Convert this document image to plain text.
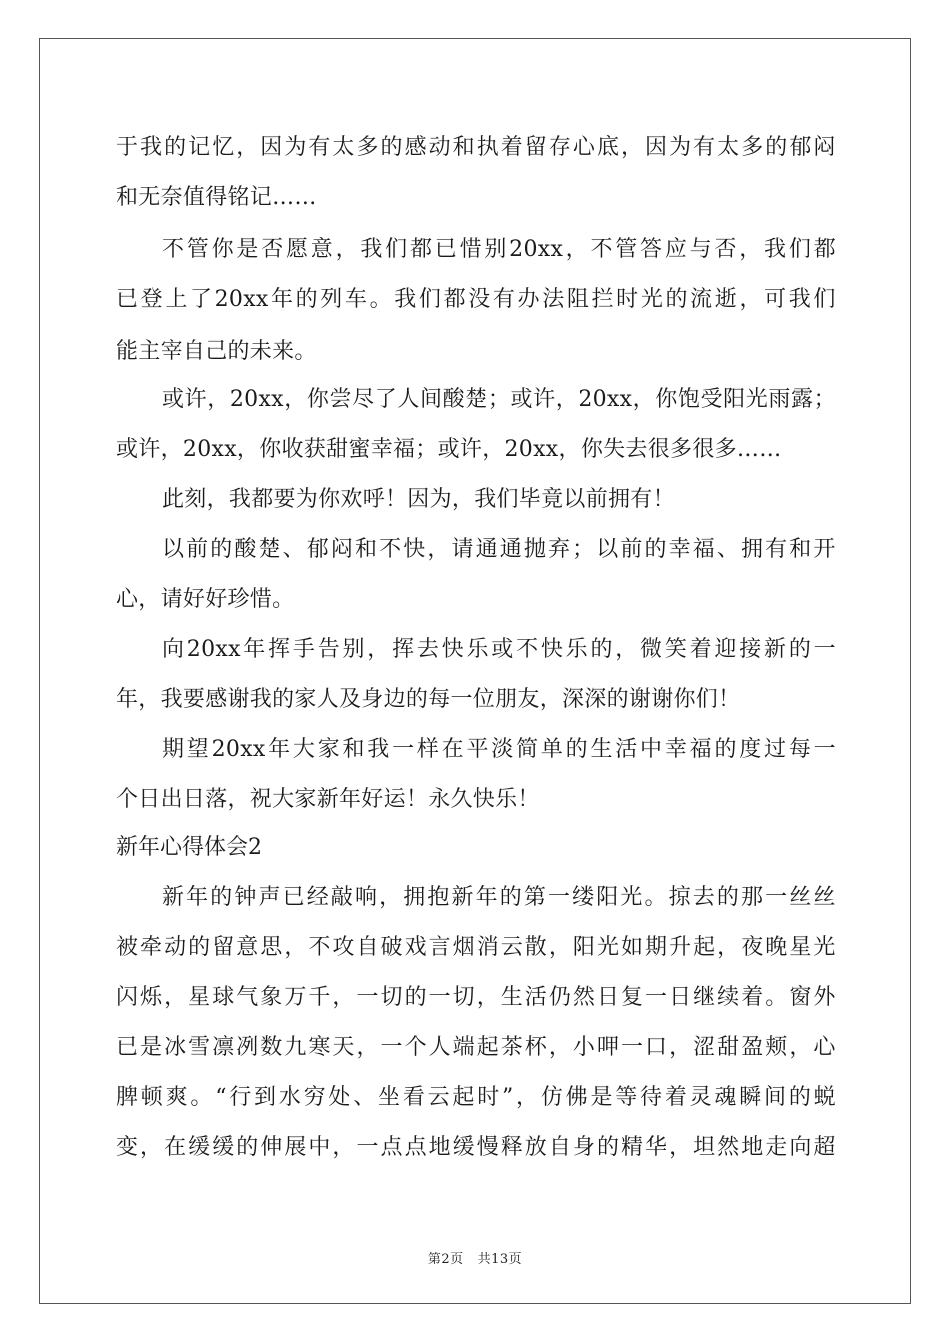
于 我 的 记 忆 ， 因 为 有 太 多 的 感 动 和 执 着 留 存 心 底 ， 因 为 有 太 多 的 郁 闷
和无奈值得铭记……
不 管 你 是 否 愿 意 ， 我 们 都 已 惜 别 20xx ， 不 管 答 应 与 否 ， 我 们 都
已 登 上 了 20xx 年 的 列 车 。 我 们 都 没 有 办 法 阻 拦 时 光 的 流 逝 ， 可 我 们
能主宰自己的未来。
或 许 ， 20xx ， 你 尝 尽 了 人 间 酸 楚 ； 或 许 ， 20xx ， 你 饱 受 阳 光 雨 露 ；
或许，20xx，你收获甜蜜幸福；或许，20xx，你失去很多很多……
此刻，我都要为你欢呼！因为，我们毕竟以前拥有！
以 前 的 酸 楚 、 郁 闷 和 不 快 ， 请 通 通 抛 弃 ； 以 前 的 幸 福 、 拥 有 和 开
心，请好好珍惜。
向 20xx 年 挥 手 告 别 ， 挥 去 快 乐 或 不 快 乐 的 ， 微 笑 着 迎 接 新 的 一
年，我要感谢我的家人及身边的每一位朋友，深深的谢谢你们！
期 望 20xx 年 大 家 和 我 一 样 在 平 淡 简 单 的 生 活 中 幸 福 的 度 过 每 一
个日出日落，祝大家新年好运！永久快乐！
新年心得体会2
新 年 的 钟 声 已 经 敲 响 ， 拥 抱 新 年 的 第 一 缕 阳 光 。 掠 去 的 那 一 丝 丝
被 牵 动 的 留 意 思 ， 不 攻 自 破 戏 言 烟 消 云 散 ， 阳 光 如 期 升 起 ， 夜 晚 星 光
闪 烁 ， 星 球 气 象 万 千 ， 一 切 的 一 切 ， 生 活 仍 然 日 复 一 日 继 续 着 。 窗 外
已 是 冰 雪 凛 冽 数 九 寒 天 ， 一 个 人 端 起 茶 杯 ， 小 呷 一 口 ， 涩 甜 盈 颊 ， 心
脾 顿 爽 。 “ 行 到 水 穷 处 、 坐 看 云 起 时 ” ， 仿 佛 是 等 待 着 灵 魂 瞬 间 的 蜕
变 ， 在 缓 缓 的 伸 展 中 ， 一 点 点 地 缓 慢 释 放 自 身 的 精 华 ， 坦 然 地 走 向 超
第2页 共13页
